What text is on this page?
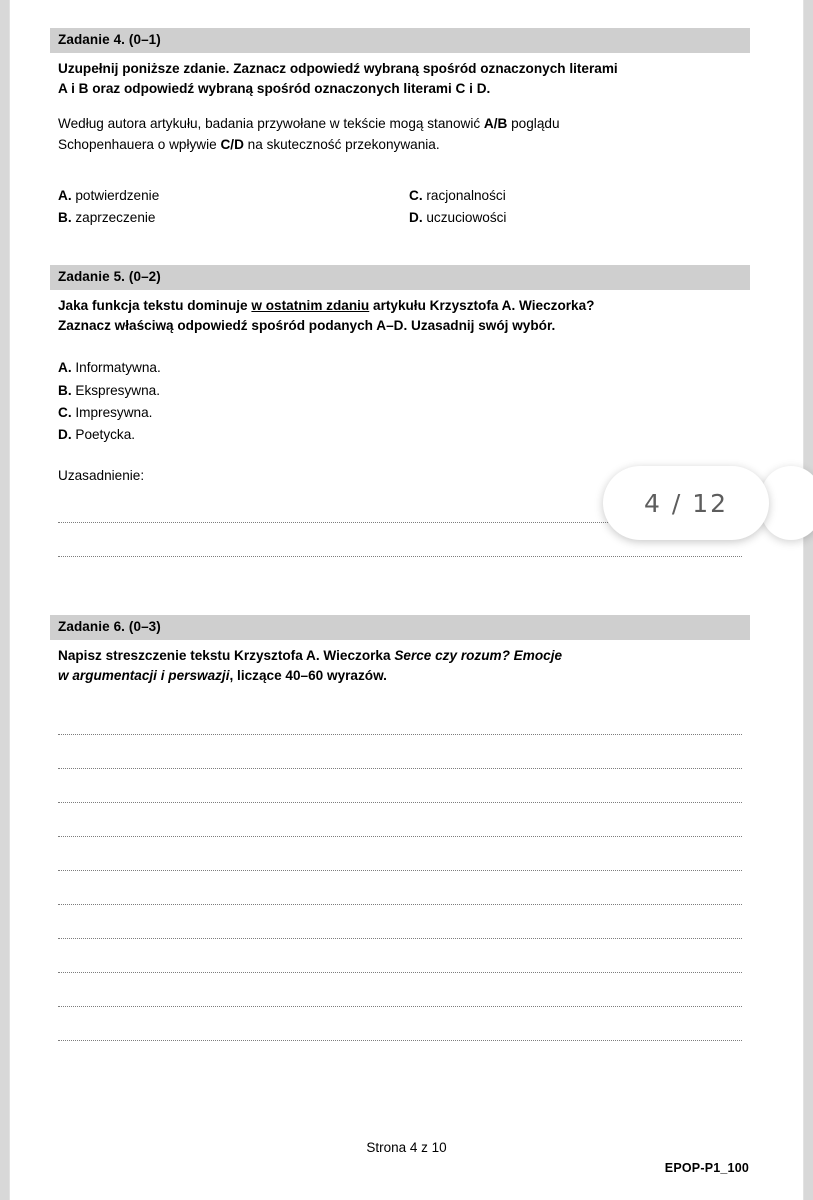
4 / 12
Zadanie 4. (0–1)
Uzupełnij poniższe zdanie. Zaznacz odpowiedź wybraną spośród oznaczonych literami
A i B oraz odpowiedź wybraną spośród oznaczonych literami C i D.
Według autora artykułu, badania przywołane w tekście mogą stanowić A/B poglądu
Schopenhauera o wpływie C/D na skuteczność przekonywania.
A. potwierdzenie
B. zaprzeczenie
C. racjonalności
D. uczuciowości
Zadanie 5. (0–2)
Jaka funkcja tekstu dominuje w ostatnim zdaniu artykułu Krzysztofa A. Wieczorka?
Zaznacz właściwą odpowiedź spośród podanych A–D. Uzasadnij swój wybór.
A. Informatywna.
B. Ekspresywna.
C. Impresywna.
D. Poetycka.
Uzasadnienie:
Zadanie 6. (0–3)
Napisz streszczenie tekstu Krzysztofa A. Wieczorka Serce czy rozum? Emocje
w argumentacji i perswazji, liczące 40–60 wyrazów.
Strona 4 z 10
EPOP-P1_100
